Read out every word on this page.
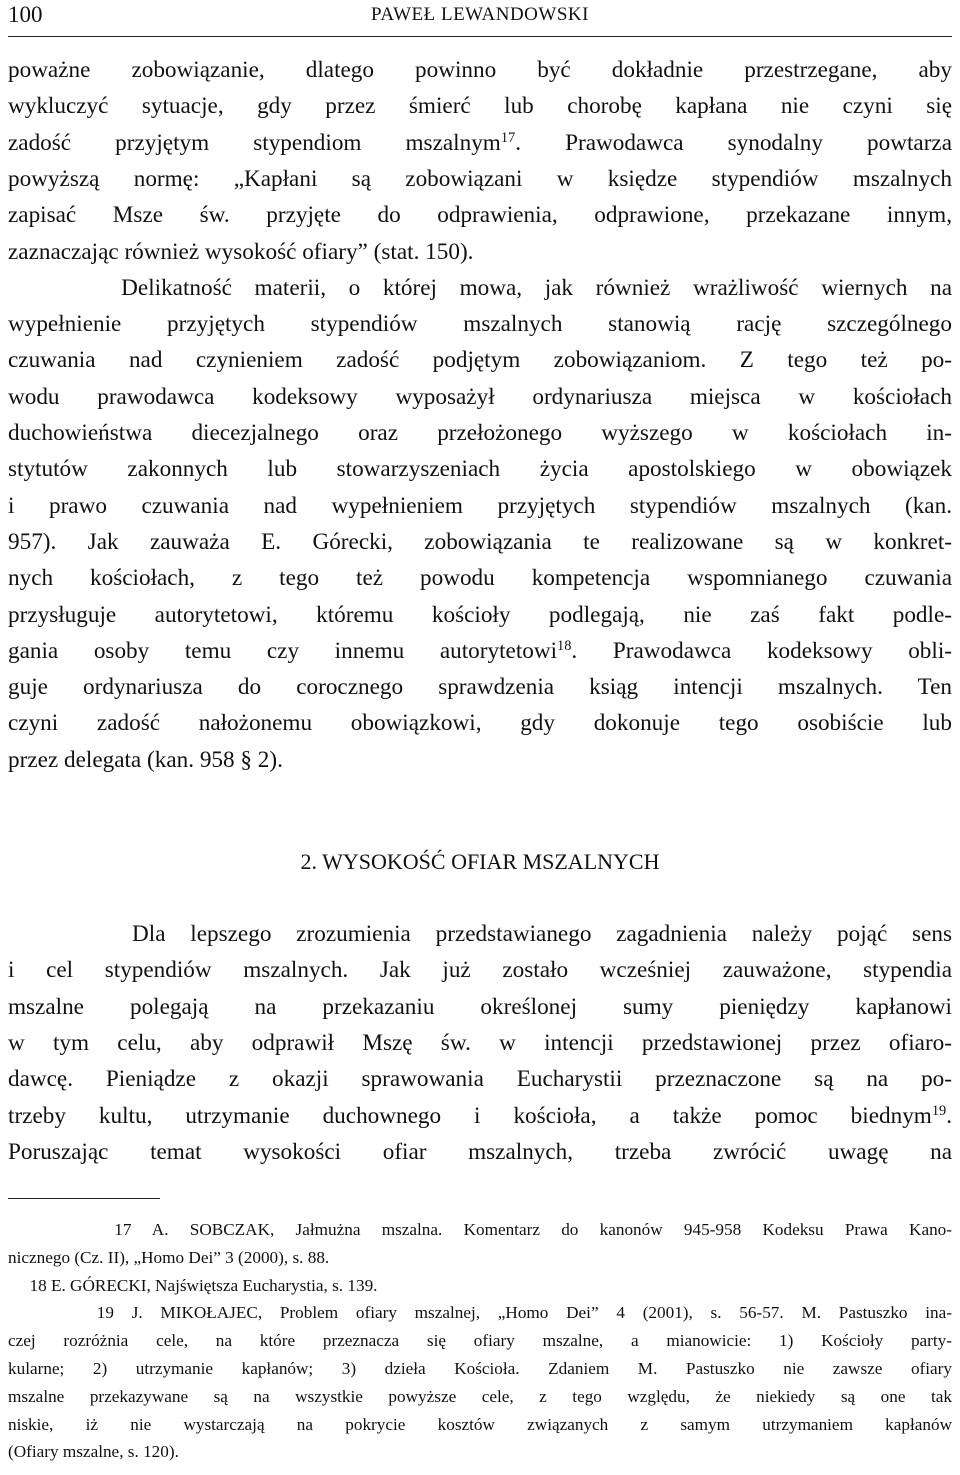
100	PAWEŁ LEWANDOWSKI
poważne zobowiązanie, dlatego powinno być dokładnie przestrzegane, aby
wykluczyć sytuacje, gdy przez śmierć lub chorobę kapłana nie czyni się
zadość przyjętym stypendiom mszalnym$^{17}$. Prawodawca synodalny powtarza
powyższą normę: „Kapłani są zobowiązani w księdze stypendiów mszalnych
zapisać Msze św. przyjęte do odprawienia, odprawione, przekazane innym,
zaznaczając również wysokość ofiary” (stat. 150).
Delikatność materii, o której mowa, jak również wrażliwość wiernych na
wypełnienie przyjętych stypendiów mszalnych stanowią rację szczególnego
czuwania nad czynieniem zadość podjętym zobowiązaniom. Z tego też po-
wodu prawodawca kodeksowy wyposażył ordynariusza miejsca w kościołach
duchowieństwa diecezjalnego oraz przełożonego wyższego w kościołach in-
stytutów zakonnych lub stowarzyszeniach życia apostolskiego w obowiązek
i prawo czuwania nad wypełnieniem przyjętych stypendiów mszalnych (kan.
957). Jak zauważa E. Górecki, zobowiązania te realizowane są w konkret-
nych kościołach, z tego też powodu kompetencja wspomnianego czuwania
przysługuje autorytetowi, któremu kościoły podlegają, nie zaś fakt podle-
gania osoby temu czy innemu autorytetowi$^{18}$. Prawodawca kodeksowy obli-
guje ordynariusza do corocznego sprawdzenia ksiąg intencji mszalnych. Ten
czyni zadość nałożonemu obowiązkowi, gdy dokonuje tego osobiście lub
przez delegata (kan. 958 § 2).
2. WYSOKOŚĆ OFIAR MSZALNYCH
Dla lepszego zrozumienia przedstawianego zagadnienia należy pojąć sens
i cel stypendiów mszalnych. Jak już zostało wcześniej zauważone, stypendia
mszalne polegają na przekazaniu określonej sumy pieniędzy kapłanowi
w tym celu, aby odprawił Mszę św. w intencji przedstawionej przez ofiaro-
dawcę. Pieniądze z okazji sprawowania Eucharystii przeznaczone są na po-
trzeby kultu, utrzymanie duchownego i kościoła, a także pomoc biednym$^{19}$.
Poruszając temat wysokości ofiar mszalnych, trzeba zwrócić uwagę na
17 A. SOBCZAK, Jałmużna mszalna. Komentarz do kanonów 945-958 Kodeksu Prawa Kano-
nicznego (Cz. II), „Homo Dei” 3 (2000), s. 88.
18 E. GÓRECKI, Najświętsza Eucharystia, s. 139.
19 J. MIKOŁAJEC, Problem ofiary mszalnej, „Homo Dei” 4 (2001), s. 56-57. M. Pastuszko ina-
czej rozróżnia cele, na które przeznacza się ofiary mszalne, a mianowicie: 1) Kościoły party-
kularne; 2) utrzymanie kapłanów; 3) dzieła Kościoła. Zdaniem M. Pastuszko nie zawsze ofiary
mszalne przekazywane są na wszystkie powyższe cele, z tego względu, że niekiedy są one tak
niskie, iż nie wystarczają na pokrycie kosztów związanych z samym utrzymaniem kapłanów
(Ofiary mszalne, s. 120).
